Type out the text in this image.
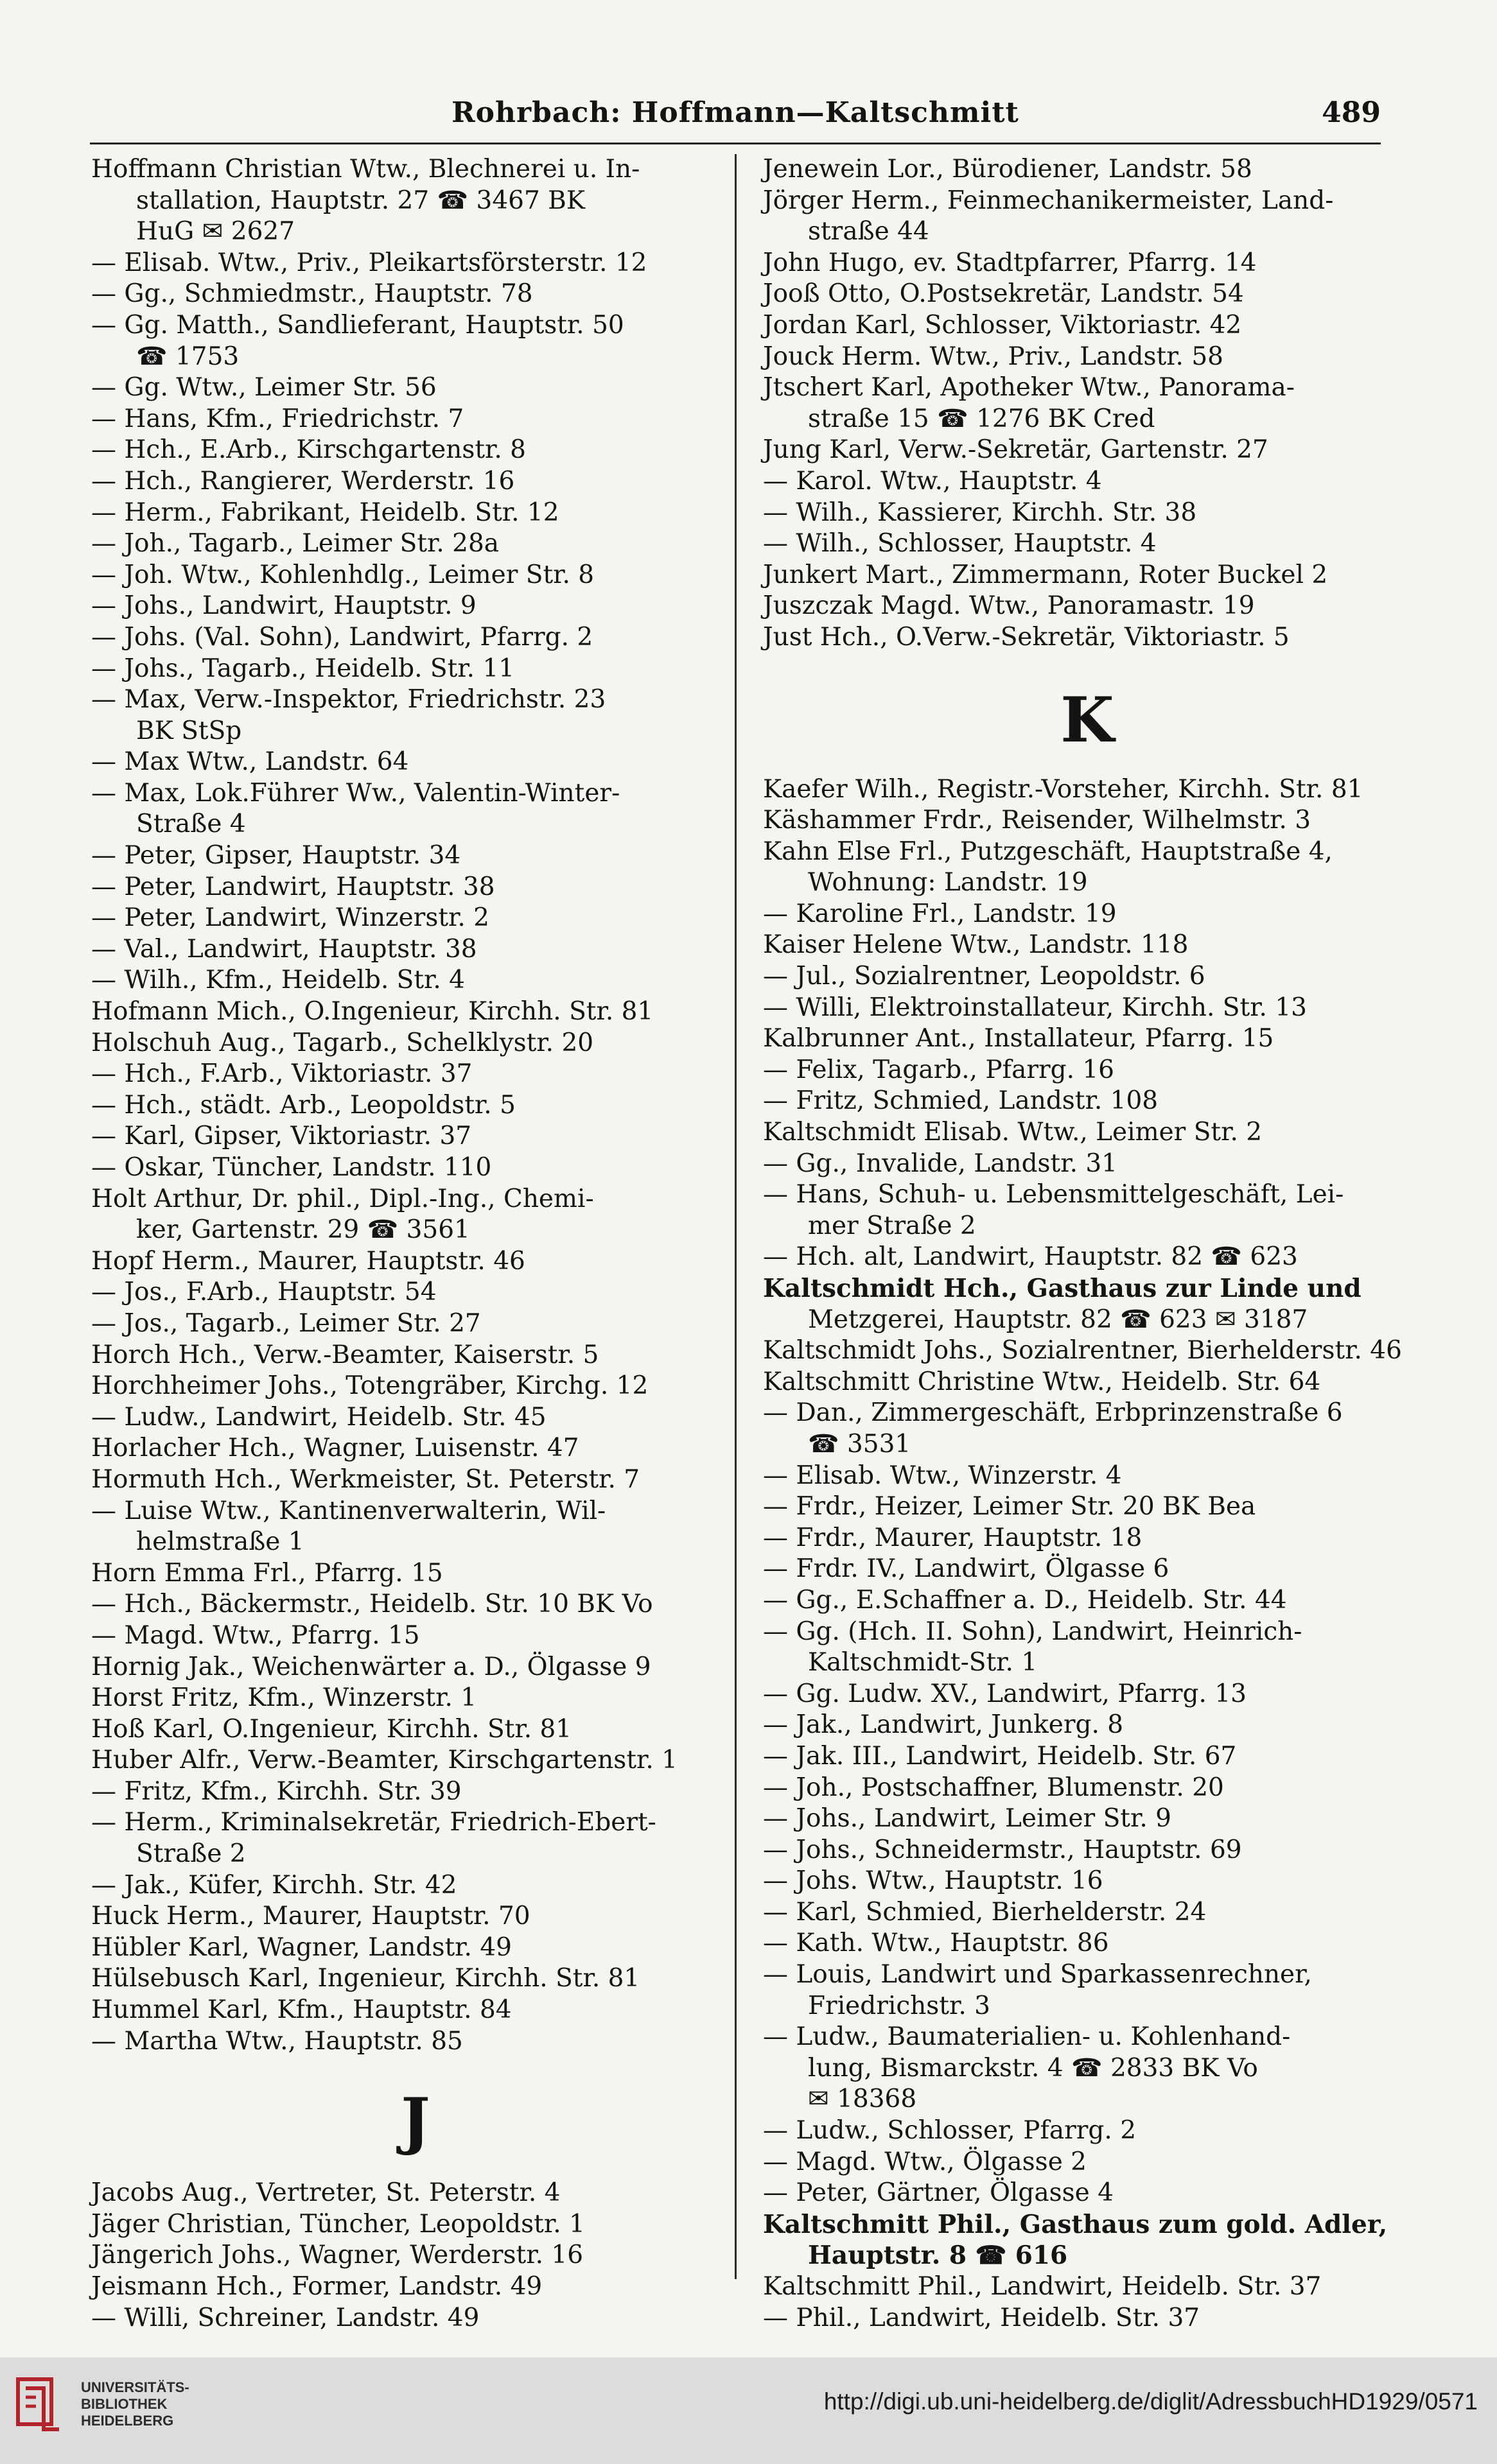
Rohrbach: Hoffmann—Kaltschmitt	489
Hoffmann Christian Wtw., Blechnerei u. In-
stallation, Hauptstr. 27 ☎ 3467 BK
HuG ✉ 2627
— Elisab. Wtw., Priv., Pleikartsförsterstr. 12
— Gg., Schmiedmstr., Hauptstr. 78
— Gg. Matth., Sandlieferant, Hauptstr. 50
☎ 1753
— Gg. Wtw., Leimer Str. 56
— Hans, Kfm., Friedrichstr. 7
— Hch., E.Arb., Kirschgartenstr. 8
— Hch., Rangierer, Werderstr. 16
— Herm., Fabrikant, Heidelb. Str. 12
— Joh., Tagarb., Leimer Str. 28a
— Joh. Wtw., Kohlenhdlg., Leimer Str. 8
— Johs., Landwirt, Hauptstr. 9
— Johs. (Val. Sohn), Landwirt, Pfarrg. 2
— Johs., Tagarb., Heidelb. Str. 11
— Max, Verw.-Inspektor, Friedrichstr. 23
BK StSp
— Max Wtw., Landstr. 64
— Max, Lok.Führer Ww., Valentin-Winter-
Straße 4
— Peter, Gipser, Hauptstr. 34
— Peter, Landwirt, Hauptstr. 38
— Peter, Landwirt, Winzerstr. 2
— Val., Landwirt, Hauptstr. 38
— Wilh., Kfm., Heidelb. Str. 4
Hofmann Mich., O.Ingenieur, Kirchh. Str. 81
Holschuh Aug., Tagarb., Schelklystr. 20
— Hch., F.Arb., Viktoriastr. 37
— Hch., städt. Arb., Leopoldstr. 5
— Karl, Gipser, Viktoriastr. 37
— Oskar, Tüncher, Landstr. 110
Holt Arthur, Dr. phil., Dipl.-Ing., Chemi-
ker, Gartenstr. 29 ☎ 3561
Hopf Herm., Maurer, Hauptstr. 46
— Jos., F.Arb., Hauptstr. 54
— Jos., Tagarb., Leimer Str. 27
Horch Hch., Verw.-Beamter, Kaiserstr. 5
Horchheimer Johs., Totengräber, Kirchg. 12
— Ludw., Landwirt, Heidelb. Str. 45
Horlacher Hch., Wagner, Luisenstr. 47
Hormuth Hch., Werkmeister, St. Peterstr. 7
— Luise Wtw., Kantinenverwalterin, Wil-
helmstraße 1
Horn Emma Frl., Pfarrg. 15
— Hch., Bäckermstr., Heidelb. Str. 10 BK Vo
— Magd. Wtw., Pfarrg. 15
Hornig Jak., Weichenwärter a. D., Ölgasse 9
Horst Fritz, Kfm., Winzerstr. 1
Hoß Karl, O.Ingenieur, Kirchh. Str. 81
Huber Alfr., Verw.-Beamter, Kirschgartenstr. 1
— Fritz, Kfm., Kirchh. Str. 39
— Herm., Kriminalsekretär, Friedrich-Ebert-
Straße 2
— Jak., Küfer, Kirchh. Str. 42
Huck Herm., Maurer, Hauptstr. 70
Hübler Karl, Wagner, Landstr. 49
Hülsebusch Karl, Ingenieur, Kirchh. Str. 81
Hummel Karl, Kfm., Hauptstr. 84
— Martha Wtw., Hauptstr. 85
J
Jacobs Aug., Vertreter, St. Peterstr. 4
Jäger Christian, Tüncher, Leopoldstr. 1
Jängerich Johs., Wagner, Werderstr. 16
Jeismann Hch., Former, Landstr. 49
— Willi, Schreiner, Landstr. 49
Jenewein Lor., Bürodiener, Landstr. 58
Jörger Herm., Feinmechanikermeister, Land-
straße 44
John Hugo, ev. Stadtpfarrer, Pfarrg. 14
Jooß Otto, O.Postsekretär, Landstr. 54
Jordan Karl, Schlosser, Viktoriastr. 42
Jouck Herm. Wtw., Priv., Landstr. 58
Jtschert Karl, Apotheker Wtw., Panorama-
straße 15 ☎ 1276 BK Cred
Jung Karl, Verw.-Sekretär, Gartenstr. 27
— Karol. Wtw., Hauptstr. 4
— Wilh., Kassierer, Kirchh. Str. 38
— Wilh., Schlosser, Hauptstr. 4
Junkert Mart., Zimmermann, Roter Buckel 2
Juszczak Magd. Wtw., Panoramastr. 19
Just Hch., O.Verw.-Sekretär, Viktoriastr. 5
K
Kaefer Wilh., Registr.-Vorsteher, Kirchh. Str. 81
Käshammer Frdr., Reisender, Wilhelmstr. 3
Kahn Else Frl., Putzgeschäft, Hauptstraße 4,
Wohnung: Landstr. 19
— Karoline Frl., Landstr. 19
Kaiser Helene Wtw., Landstr. 118
— Jul., Sozialrentner, Leopoldstr. 6
— Willi, Elektroinstallateur, Kirchh. Str. 13
Kalbrunner Ant., Installateur, Pfarrg. 15
— Felix, Tagarb., Pfarrg. 16
— Fritz, Schmied, Landstr. 108
Kaltschmidt Elisab. Wtw., Leimer Str. 2
— Gg., Invalide, Landstr. 31
— Hans, Schuh- u. Lebensmittelgeschäft, Lei-
mer Straße 2
— Hch. alt, Landwirt, Hauptstr. 82 ☎ 623
Kaltschmidt Hch., Gasthaus zur Linde und
Metzgerei, Hauptstr. 82 ☎ 623 ✉ 3187
Kaltschmidt Johs., Sozialrentner, Bierhelderstr. 46
Kaltschmitt Christine Wtw., Heidelb. Str. 64
— Dan., Zimmergeschäft, Erbprinzenstraße 6
☎ 3531
— Elisab. Wtw., Winzerstr. 4
— Frdr., Heizer, Leimer Str. 20 BK Bea
— Frdr., Maurer, Hauptstr. 18
— Frdr. IV., Landwirt, Ölgasse 6
— Gg., E.Schaffner a. D., Heidelb. Str. 44
— Gg. (Hch. II. Sohn), Landwirt, Heinrich-
Kaltschmidt-Str. 1
— Gg. Ludw. XV., Landwirt, Pfarrg. 13
— Jak., Landwirt, Junkerg. 8
— Jak. III., Landwirt, Heidelb. Str. 67
— Joh., Postschaffner, Blumenstr. 20
— Johs., Landwirt, Leimer Str. 9
— Johs., Schneidermstr., Hauptstr. 69
— Johs. Wtw., Hauptstr. 16
— Karl, Schmied, Bierhelderstr. 24
— Kath. Wtw., Hauptstr. 86
— Louis, Landwirt und Sparkassenrechner,
Friedrichstr. 3
— Ludw., Baumaterialien- u. Kohlenhand-
lung, Bismarckstr. 4 ☎ 2833 BK Vo
✉ 18368
— Ludw., Schlosser, Pfarrg. 2
— Magd. Wtw., Ölgasse 2
— Peter, Gärtner, Ölgasse 4
Kaltschmitt Phil., Gasthaus zum gold. Adler,
Hauptstr. 8 ☎ 616
Kaltschmitt Phil., Landwirt, Heidelb. Str. 37
— Phil., Landwirt, Heidelb. Str. 37
UNIVERSITÄTS-
BIBLIOTHEK
HEIDELBERG
http://digi.ub.uni-heidelberg.de/diglit/AdressbuchHD1929/0571
